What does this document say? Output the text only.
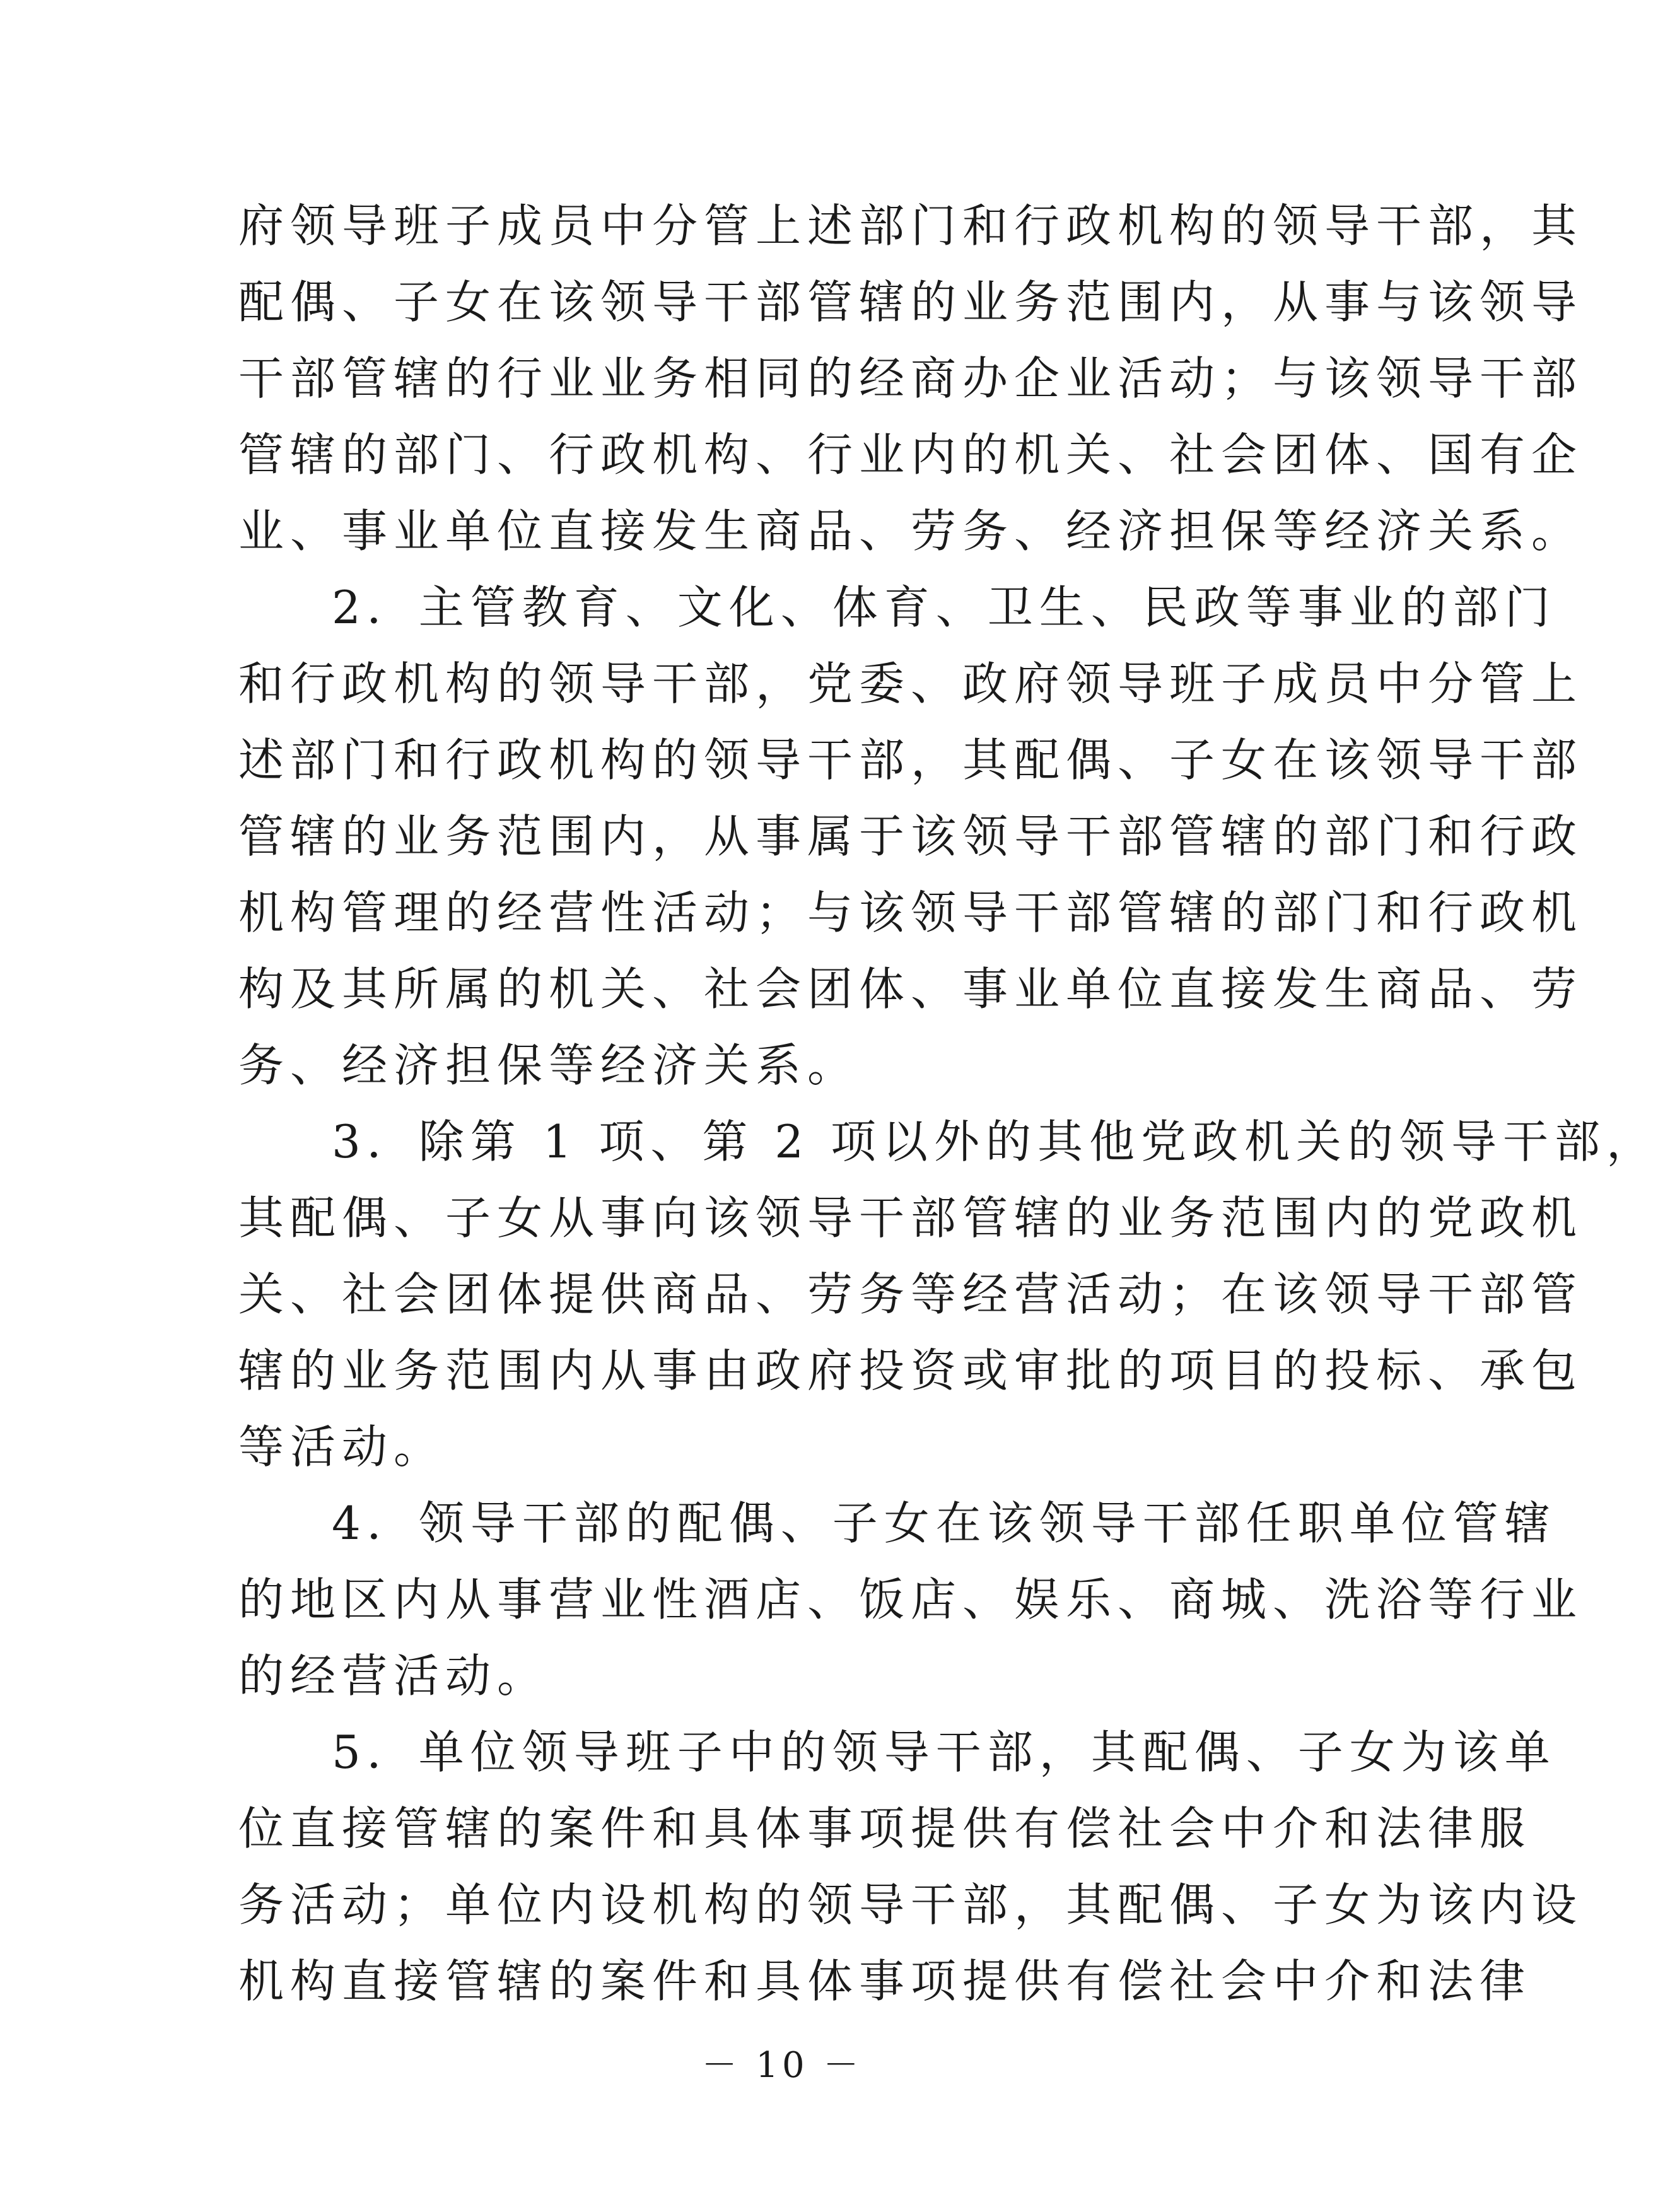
府领导班子成员中分管上述部门和行政机构的领导干部，其
配偶、子女在该领导干部管辖的业务范围内，从事与该领导
干部管辖的行业业务相同的经商办企业活动；与该领导干部
管辖的部门、行政机构、行业内的机关、社会团体、国有企
业、事业单位直接发生商品、劳务、经济担保等经济关系。
2．主管教育、文化、体育、卫生、民政等事业的部门
和行政机构的领导干部，党委、政府领导班子成员中分管上
述部门和行政机构的领导干部，其配偶、子女在该领导干部
管辖的业务范围内，从事属于该领导干部管辖的部门和行政
机构管理的经营性活动；与该领导干部管辖的部门和行政机
构及其所属的机关、社会团体、事业单位直接发生商品、劳
务、经济担保等经济关系。
3．除第 1 项、第 2 项以外的其他党政机关的领导干部，
其配偶、子女从事向该领导干部管辖的业务范围内的党政机
关、社会团体提供商品、劳务等经营活动；在该领导干部管
辖的业务范围内从事由政府投资或审批的项目的投标、承包
等活动。
4．领导干部的配偶、子女在该领导干部任职单位管辖
的地区内从事营业性酒店、饭店、娱乐、商城、洗浴等行业
的经营活动。
5．单位领导班子中的领导干部，其配偶、子女为该单
位直接管辖的案件和具体事项提供有偿社会中介和法律服
务活动；单位内设机构的领导干部，其配偶、子女为该内设
机构直接管辖的案件和具体事项提供有偿社会中介和法律
－ 10 －
